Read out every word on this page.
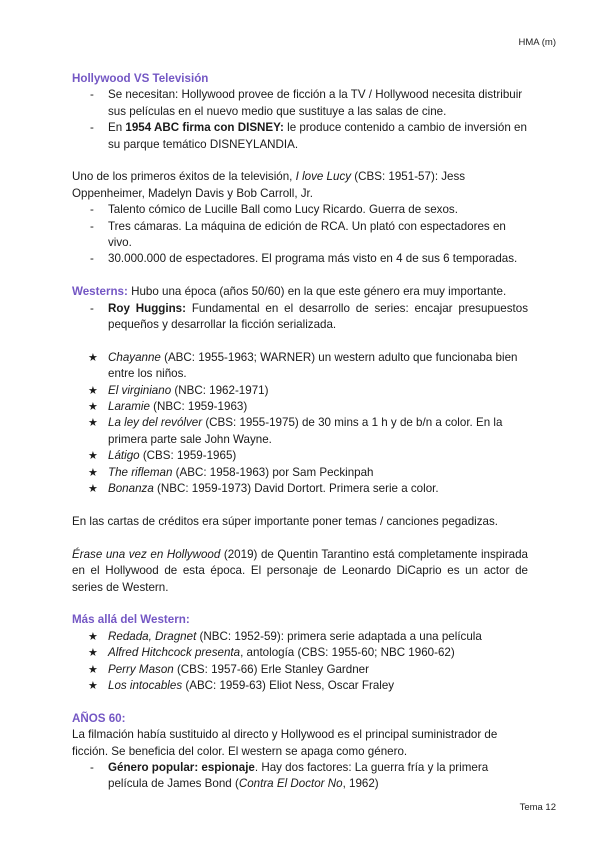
HMA (m)

Hollywood VS Televisión

- Se necesitan: Hollywood provee de ficción a la TV / Hollywood necesita distribuir sus películas en el nuevo medio que sustituye a las salas de cine.
- En 1954 ABC firma con DISNEY: le produce contenido a cambio de inversión en su parque temático DISNEYLANDIA.

Uno de los primeros éxitos de la televisión, I love Lucy (CBS: 1951-57): Jess Oppenheimer, Madelyn Davis y Bob Carroll, Jr.

- Talento cómico de Lucille Ball como Lucy Ricardo. Guerra de sexos.
- Tres cámaras. La máquina de edición de RCA. Un plató con espectadores en vivo.
- 30.000.000 de espectadores. El programa más visto en 4 de sus 6 temporadas.

Westerns: Hubo una época (años 50/60) en la que este género era muy importante.

- Roy Huggins: Fundamental en el desarrollo de series: encajar presupuestos pequeños y desarrollar la ficción serializada.
★ Chayanne (ABC: 1955-1963; WARNER) un western adulto que funcionaba bien entre los niños.
★ El virginiano (NBC: 1962-1971)
★ Laramie (NBC: 1959-1963)
★ La ley del revólver (CBS: 1955-1975) de 30 mins a 1 h y de b/n a color. En la primera parte sale John Wayne.
★ Látigo (CBS: 1959-1965)
★ The rifleman (ABC: 1958-1963) por Sam Peckinpah
★ Bonanza (NBC: 1959-1973) David Dortort. Primera serie a color.

En las cartas de créditos era súper importante poner temas / canciones pegadizas.

Érase una vez en Hollywood (2019) de Quentin Tarantino está completamente inspirada en el Hollywood de esta época. El personaje de Leonardo DiCaprio es un actor de series de Western.

Más allá del Western:

★ Redada, Dragnet (NBC: 1952-59): primera serie adaptada a una película
★ Alfred Hitchcock presenta, antología (CBS: 1955-60; NBC 1960-62)
★ Perry Mason (CBS: 1957-66) Erle Stanley Gardner
★ Los intocables (ABC: 1959-63) Eliot Ness, Oscar Fraley

AÑOS 60:

La filmación había sustituido al directo y Hollywood es el principal suministrador de ficción. Se beneficia del color. El western se apaga como género.

- Género popular: espionaje. Hay dos factores: La guerra fría y la primera película de James Bond (Contra El Doctor No, 1962)
Tema 12
